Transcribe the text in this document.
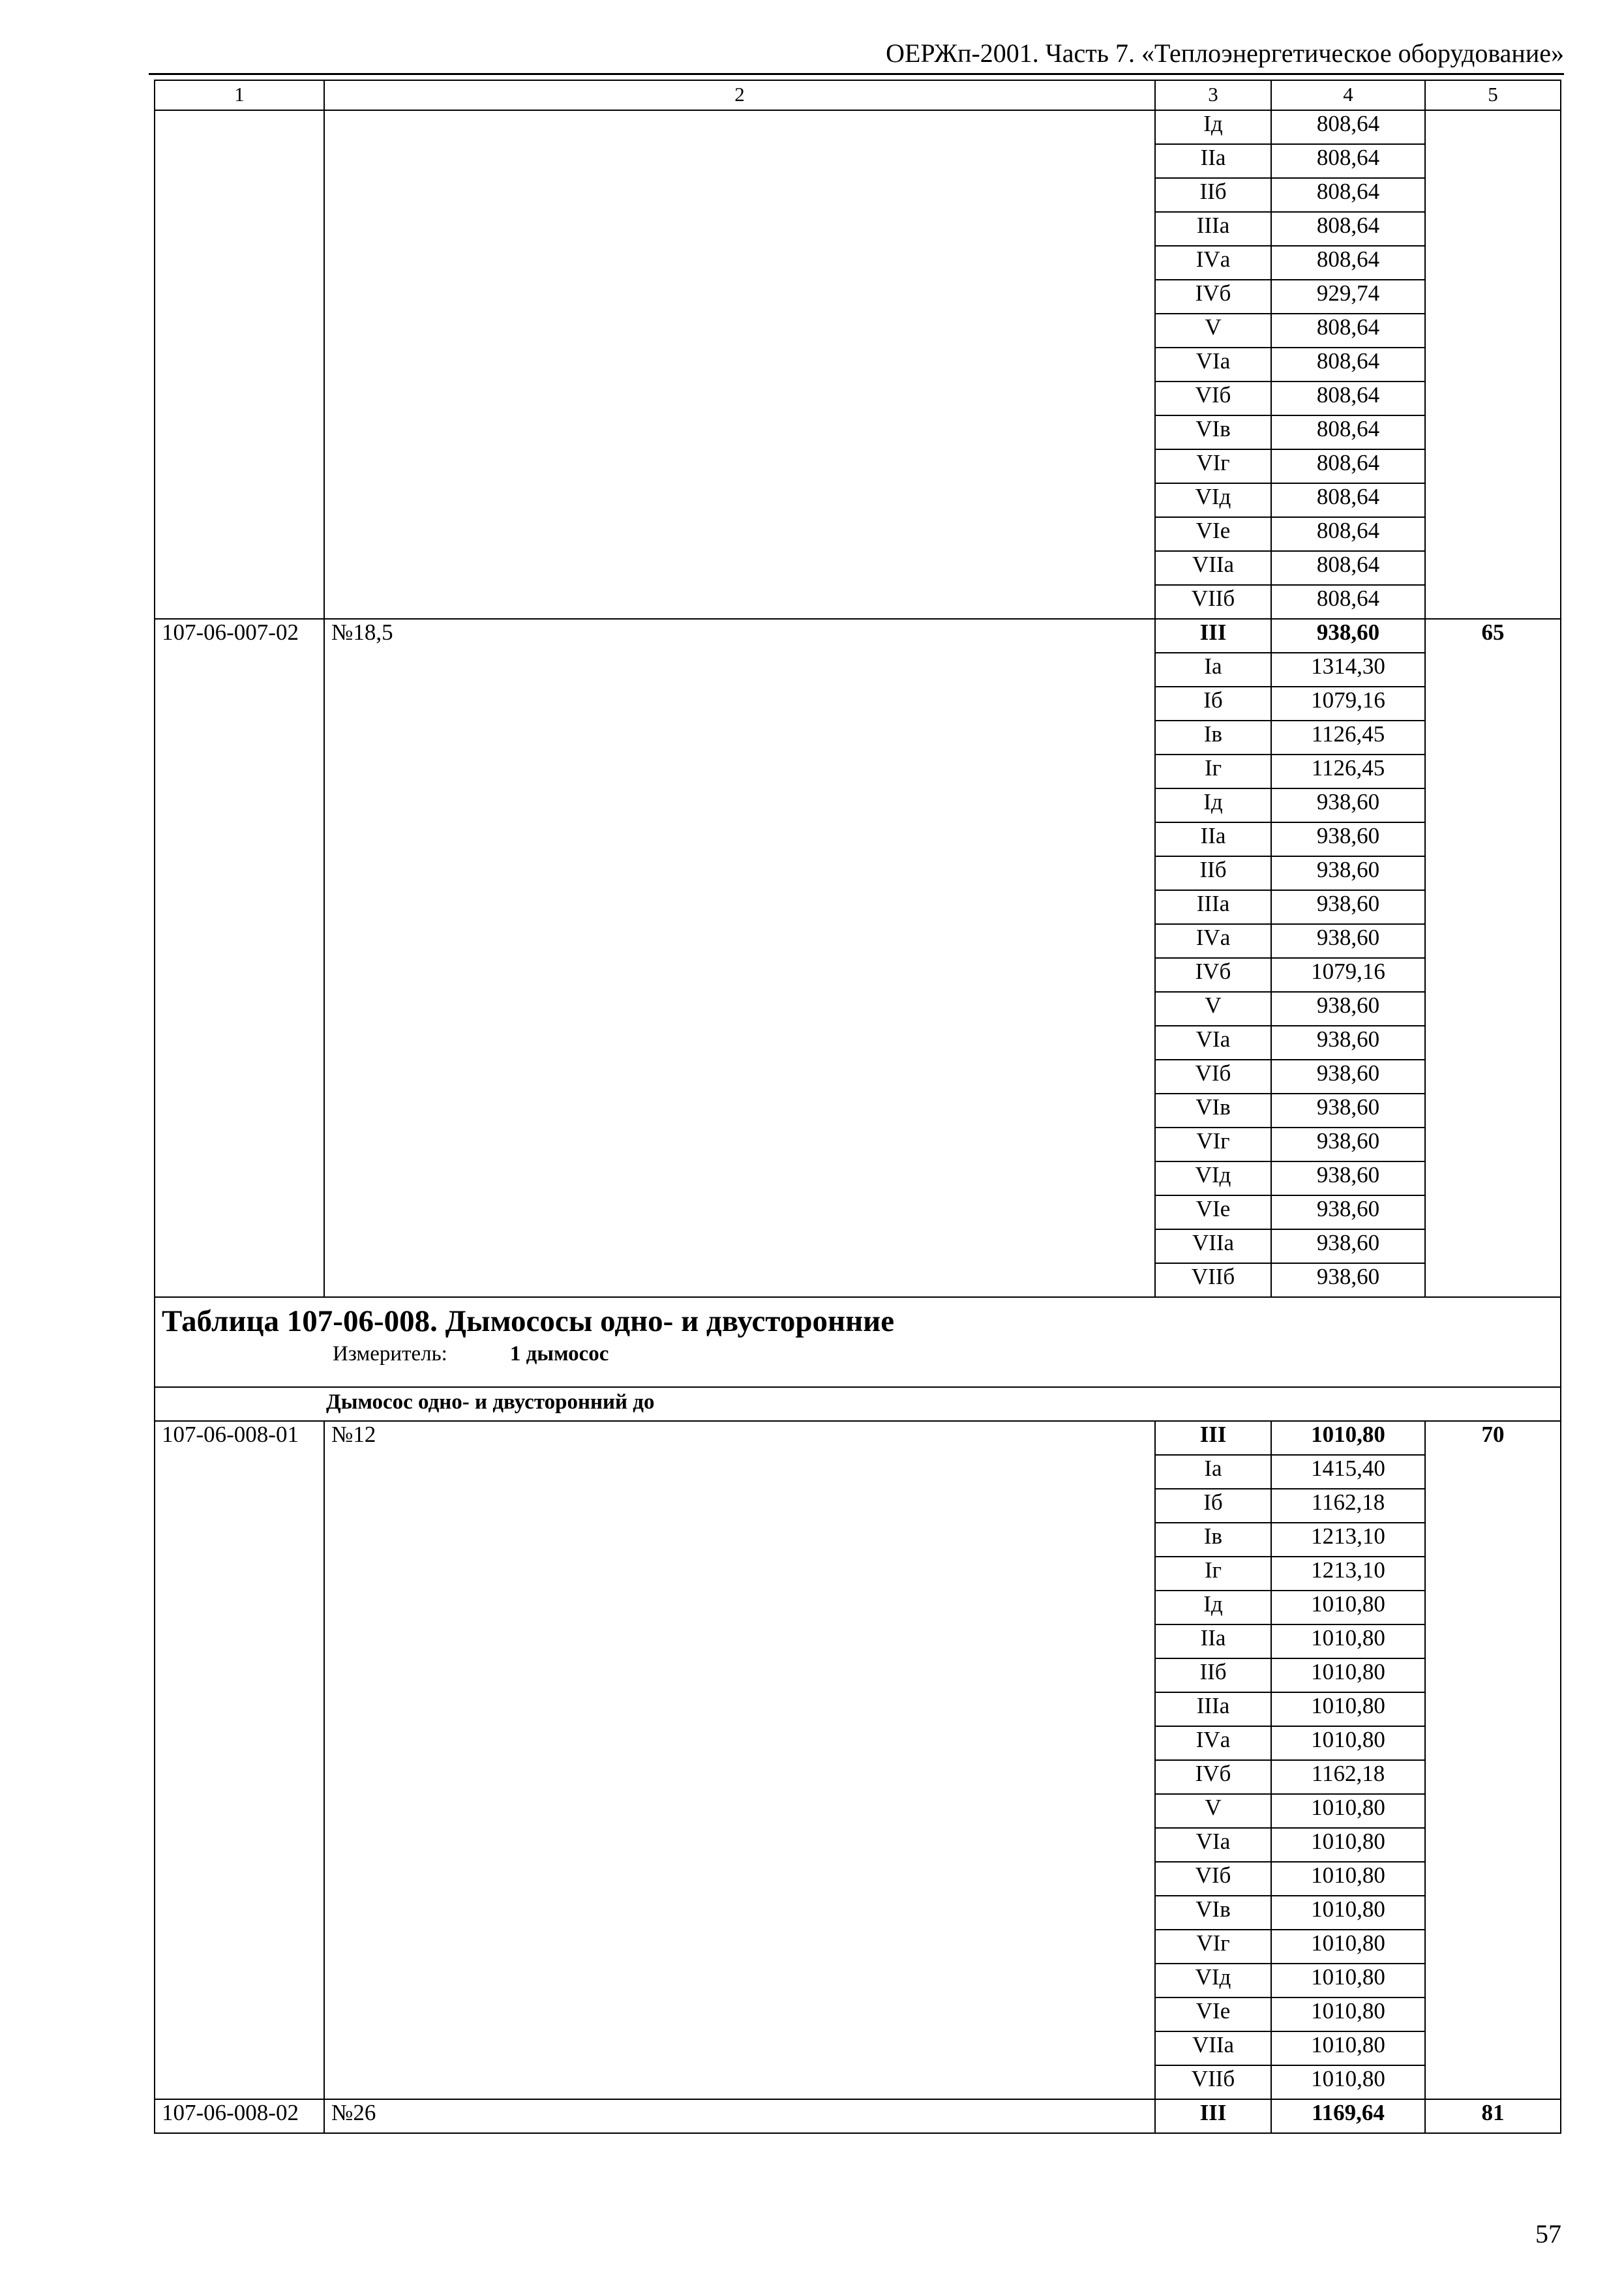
ОЕРЖп-2001. Часть 7. «Теплоэнергетическое оборудование»
1	2	3	4	5
		Iд	808,64	
		IIа	808,64	
		IIб	808,64	
		IIIа	808,64	
		IVа	808,64	
		IVб	929,74	
		V	808,64	
		VIа	808,64	
		VIб	808,64	
		VIв	808,64	
		VIг	808,64	
		VIд	808,64	
		VIе	808,64	
		VIIа	808,64	
		VIIб	808,64	
107-06-007-02	№18,5	III	938,60	65
		Iа	1314,30	
		Iб	1079,16	
		Iв	1126,45	
		Iг	1126,45	
		Iд	938,60	
		IIа	938,60	
		IIб	938,60	
		IIIа	938,60	
		IVа	938,60	
		IVб	1079,16	
		V	938,60	
		VIа	938,60	
		VIб	938,60	
		VIв	938,60	
		VIг	938,60	
		VIд	938,60	
		VIе	938,60	
		VIIа	938,60	
		VIIб	938,60	

Таблица 107-06-008. Дымососы одно- и двусторонние
Измеритель: 1 дымосос				

Дымосос одно- и двусторонний до				
107-06-008-01	№12	III	1010,80	70
		Iа	1415,40	
		Iб	1162,18	
		Iв	1213,10	
		Iг	1213,10	
		Iд	1010,80	
		IIа	1010,80	
		IIб	1010,80	
		IIIа	1010,80	
		IVа	1010,80	
		IVб	1162,18	
		V	1010,80	
		VIа	1010,80	
		VIб	1010,80	
		VIв	1010,80	
		VIг	1010,80	
		VIд	1010,80	
		VIе	1010,80	
		VIIа	1010,80	
		VIIб	1010,80	
107-06-008-02	№26	III	1169,64	81
57
